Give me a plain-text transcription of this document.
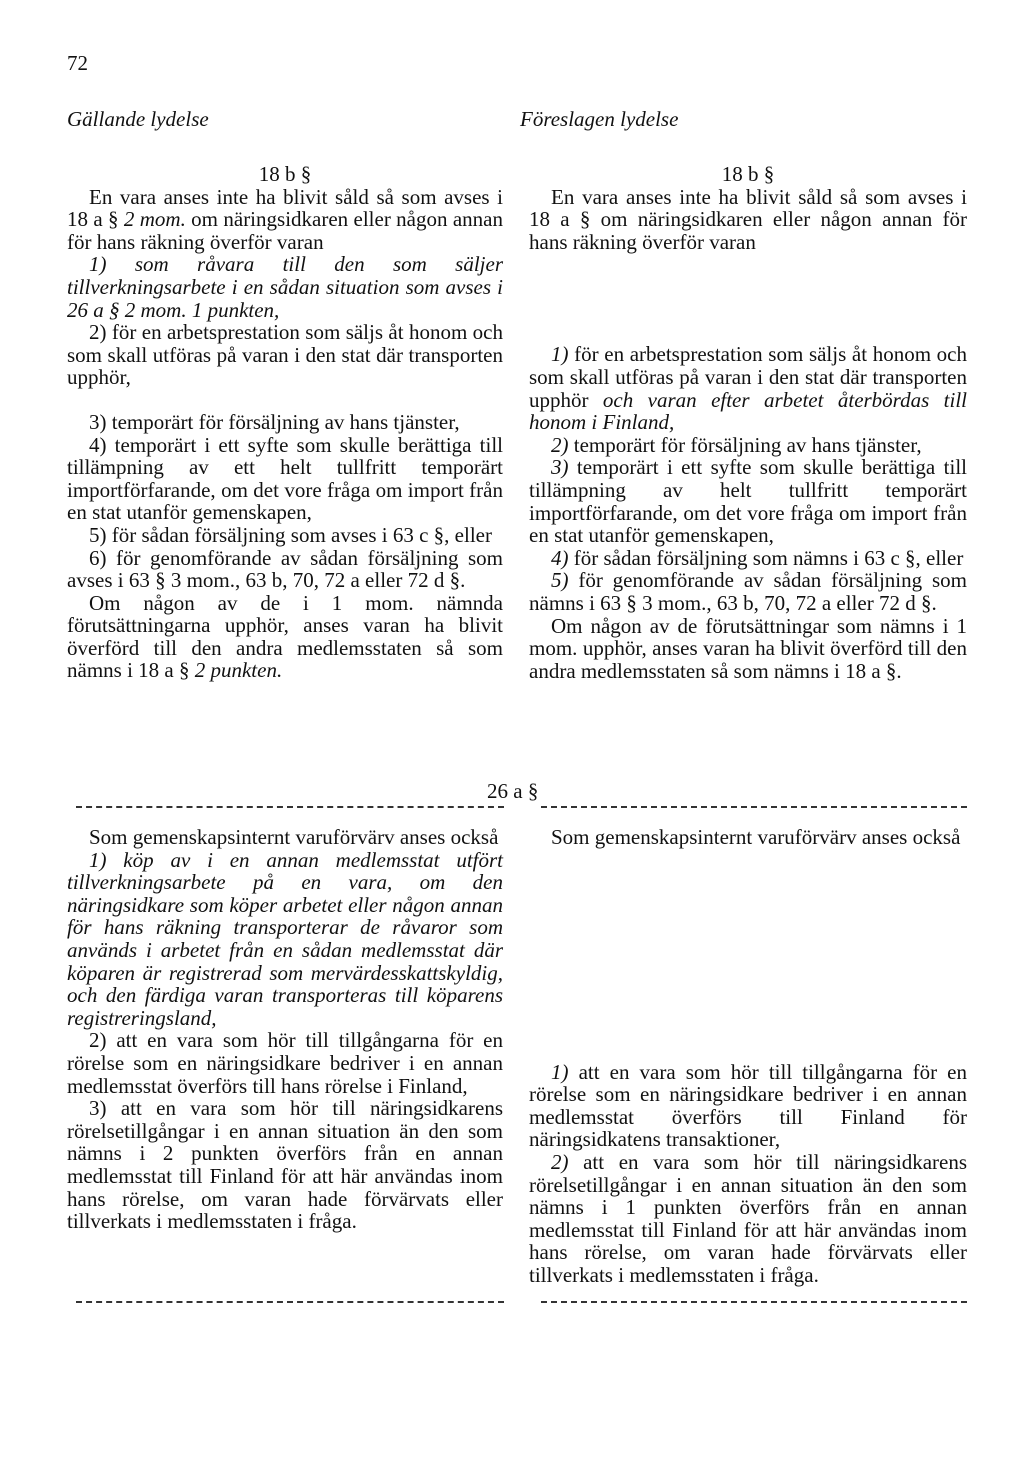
72
Gällande lydelse	Föreslagen lydelse
18 b §

En vara anses inte ha blivit såld så som avses i 18 a § 2 mom. om näringsidkaren eller någon annan för hans räkning överför varan

1) som råvara till den som säljer tillverkningsarbete i en sådan situation som avses i 26 a § 2 mom. 1 punkten,

2) för en arbetsprestation som säljs åt honom och som skall utföras på varan i den stat där transporten upphör,

3) temporärt för försäljning av hans tjänster,

4) temporärt i ett syfte som skulle berättiga till tillämpning av ett helt tullfritt temporärt importförfarande, om det vore fråga om import från en stat utanför gemenskapen,

5) för sådan försäljning som avses i 63 c §, eller

6) för genomförande av sådan försäljning som avses i 63 § 3 mom., 63 b, 70, 72 a eller 72 d §.

Om någon av de i 1 mom. nämnda förutsättningarna upphör, anses varan ha blivit överförd till den andra medlemsstaten så som nämns i 18 a § 2 punkten.

18 b §

En vara anses inte ha blivit såld så som avses i 18 a § om näringsidkaren eller någon annan för hans räkning överför varan

1) för en arbetsprestation som säljs åt honom och som skall utföras på varan i den stat där transporten upphör och varan efter arbetet återbördas till honom i Finland,

2) temporärt för försäljning av hans tjänster,

3) temporärt i ett syfte som skulle berättiga till tillämpning av helt tullfritt temporärt importförfarande, om det vore fråga om import från en stat utanför gemenskapen,

4) för sådan försäljning som nämns i 63 c §, eller

5) för genomförande av sådan försäljning som nämns i 63 § 3 mom., 63 b, 70, 72 a eller 72 d §.

Om någon av de förutsättningar som nämns i 1 mom. upphör, anses varan ha blivit överförd till den andra medlemsstaten så som nämns i 18 a §.

26 a §

Som gemenskapsinternt varuförvärv anses också

1) köp av i en annan medlemsstat utfört tillverkningsarbete på en vara, om den näringsidkare som köper arbetet eller någon annan för hans räkning transporterar de råvaror som används i arbetet från en sådan medlemsstat där köparen är registrerad som mervärdesskattskyldig, och den färdiga varan transporteras till köparens registreringsland,

2) att en vara som hör till tillgångarna för en rörelse som en näringsidkare bedriver i en annan medlemsstat överförs till hans rörelse i Finland,

3) att en vara som hör till näringsidkarens rörelsetillgångar i en annan situation än den som nämns i 2 punkten överförs från en annan medlemsstat till Finland för att här användas inom hans rörelse, om varan hade förvärvats eller tillverkats i medlemsstaten i fråga.

Som gemenskapsinternt varuförvärv anses också

1) att en vara som hör till tillgångarna för en rörelse som en näringsidkare bedriver i en annan medlemsstat överförs till Finland för näringsidkatens transaktioner,

2) att en vara som hör till näringsidkarens rörelsetillgångar i en annan situation än den som nämns i 1 punkten överförs från en annan medlemsstat till Finland för att här användas inom hans rörelse, om varan hade förvärvats eller tillverkats i medlemsstaten i fråga.
